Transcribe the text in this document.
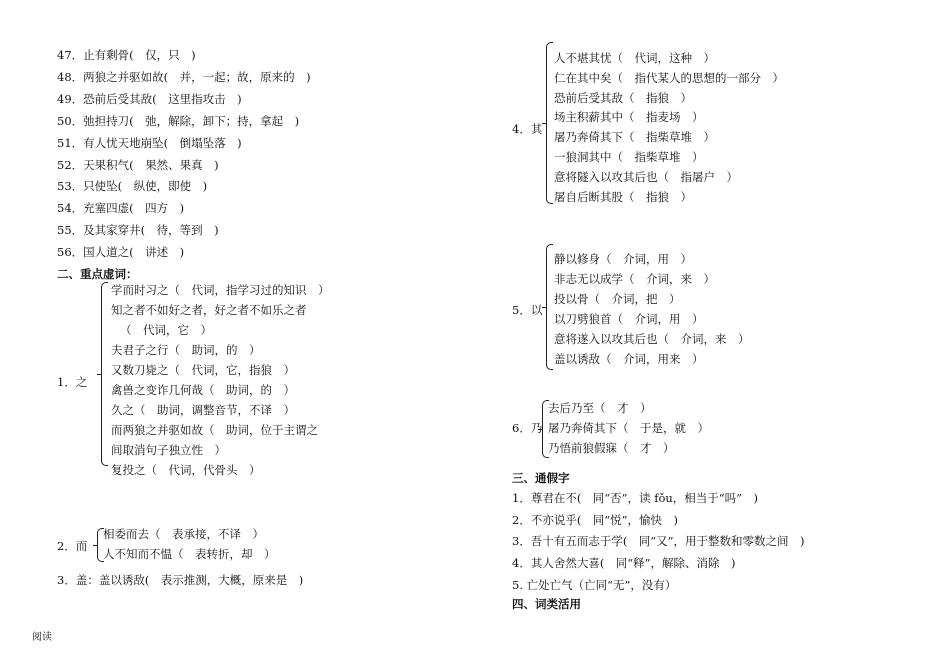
47．止有剩骨(　仅，只　)
48．两狼之并驱如故(　并，一起；故，原来的　)
49．恐前后受其敌(　这里指攻击　)
50．弛担持刀(　弛，解除，卸下；持，拿起　)
51．有人忧天地崩坠(　倒塌坠落　)
52．天果积气(　果然、果真　)
53．只使坠(　纵使，即使　)
54．充塞四虚(　四方　)
55．及其家穿井(　待，等到　)
56．国人道之(　讲述　)
二、重点虚词：
1．之
学而时习之（　代词，指学习过的知识　）
知之者不如好之者，好之者不如乐之者
（　代词，它　）
夫君子之行（　助词，的　）
又数刀毙之（　代词，它，指狼　）
禽兽之变诈几何哉（　助词，的　）
久之（　助词，调整音节，不译　）
而两狼之并驱如故（　助词，位于主谓之
间取消句子独立性　）
复投之（　代词，代骨头　）
2．而
相委而去（　表承接，不译　）
人不知而不愠（　表转折，却　）
3．盖：盖以诱敌(　表示推测，大概，原来是　)
4．其
人不堪其忧（　代词，这种　）
仁在其中矣（　指代某人的思想的一部分　）
恐前后受其敌（　指狼　）
场主积薪其中（　指麦场　）
屠乃奔倚其下（　指柴草堆　）
一狼洞其中（　指柴草堆　）
意将隧入以攻其后也（　指屠户　）
屠自后断其股（　指狼　）
5．以
静以修身（　介词，用　）
非志无以成学（　介词，来　）
投以骨（　介词，把　）
以刀劈狼首（　介词，用　）
意将遂入以攻其后也（　介词，来　）
盖以诱敌（　介词，用来　）
6．乃
去后乃至（　才　）
屠乃奔倚其下（　于是，就　）
乃悟前狼假寐（　才　）
三、通假字
1．尊君在不(　同“否”，读 fǒu，相当于“吗”　)
2．不亦说乎(　同“悦”，愉快　)
3．吾十有五而志于学(　同“又”，用于整数和零数之间　)
4．其人舍然大喜(　同“释”，解除、消除　)
5. 亡处亡气（亡同“无”，没有）
四、词类活用
阅读
